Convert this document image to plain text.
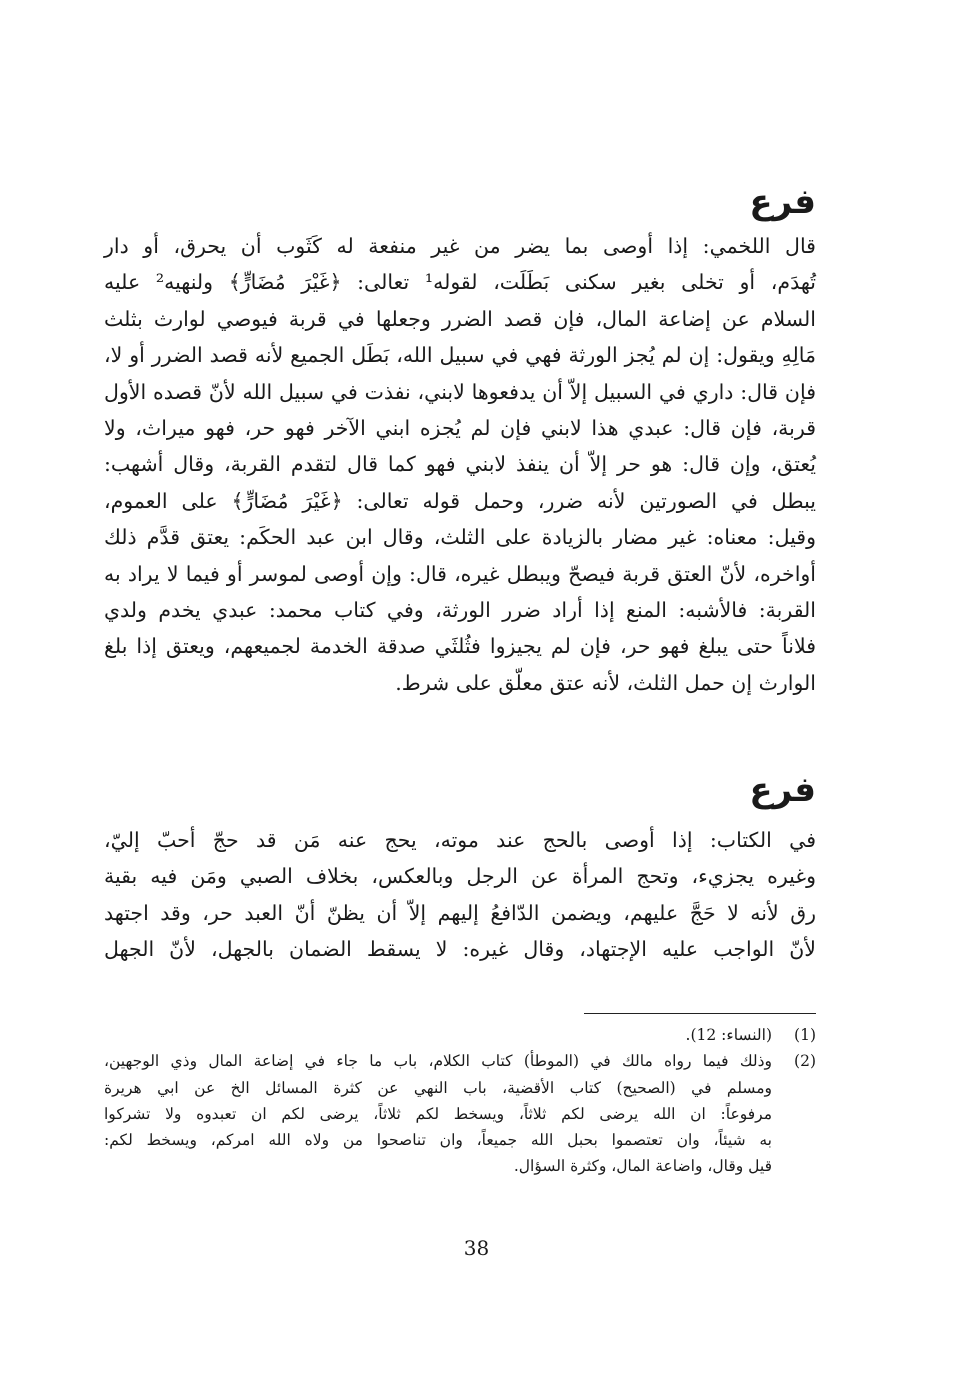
فرع

قال اللخمي: إذا أوصى بما يضر من غير منفعة له كَثَوب أن يحرق، أو دار
تُهدَم، أو تخلى بغير سكنى بَطَلَت، لقوله¹ تعالى: ﴿غَيْرَ مُضَارٍّ﴾ ولنهيه² عليه
السلام عن إضاعة المال، فإن قصد الضرر وجعلها في قربة فيوصي لوارث بثلث
مَالِهِ ويقول: إن لم يُجز الورثة فهي في سبيل الله، بَطَل الجميع لأنه قصد الضرر أو لا،
فإن قال: داري في السبيل إلاّ أن يدفعوها لابني، نفذت في سبيل الله لأنّ قصده الأول
قربة، فإن قال: عبدي هذا لابني فإن لم يُجزه ابني الآخر فهو حر، فهو ميراث، ولا
يُعتق، وإن قال: هو حر إلاّ أن ينفذ لابني فهو كما قال لتقدم القربة، وقال أشهب:
يبطل في الصورتين لأنه ضرر، وحمل قوله تعالى: ﴿غَيْرَ مُضَارٍّ﴾ على العموم،
وقيل: معناه: غير مضار بالزيادة على الثلث، وقال ابن عبد الحكَم: يعتق قدَّم ذلك
أواخره، لأنّ العتق قربة فيصحّ ويبطل غيره، قال: وإن أوصى لموسر أو فيما لا يراد به
القربة: فالأشبه: المنع إذا أراد ضرر الورثة، وفي كتاب محمد: عبدي يخدم ولدي
فلاناً حتى يبلغ فهو حر، فإن لم يجيزوا فثُلثَي صدقة الخدمة لجميعهم، ويعتق إذا بلغ
الوارث إن حمل الثلث، لأنه عتق معلّق على شرط.

فرع

في الكتاب: إذا أوصى بالحج عند موته، يحج عنه مَن قد حجّ أحبّ إليّ،
وغيره يجزيء، وتحج المرأة عن الرجل وبالعكس، بخلاف الصبي ومَن فيه بقية
رق لأنه لا حَجَّ عليهم، ويضمن الدّافعُ إليهم إلاّ أن يظنّ أنّ العبد حر، وقد اجتهد
لأنّ الواجب عليه الإجتهاد، وقال غيره: لا يسقط الضمان بالجهل، لأنّ الجهل

(1)
(النساء: 12).
(2)
وذلك فيما رواه مالك في (الموطأ) كتاب الكلام، باب ما جاء في إضاعة المال وذي الوجهين،
ومسلم في (الصحيح) كتاب الأقضية، باب النهي عن كثرة المسائل الخ عن ابي هريرة
مرفوعاً: ان الله يرضى لكم ثلاثاً، ويسخط لكم ثلاثاً، يرضى لكم ان تعبدوه ولا تشركوا
به شيئاً، وان تعتصموا بحبل الله جميعاً، وان تناصحوا من ولاه الله امركم، ويسخط لكم:
قيل وقال، واضاعة المال، وكثرة السؤال.
38
